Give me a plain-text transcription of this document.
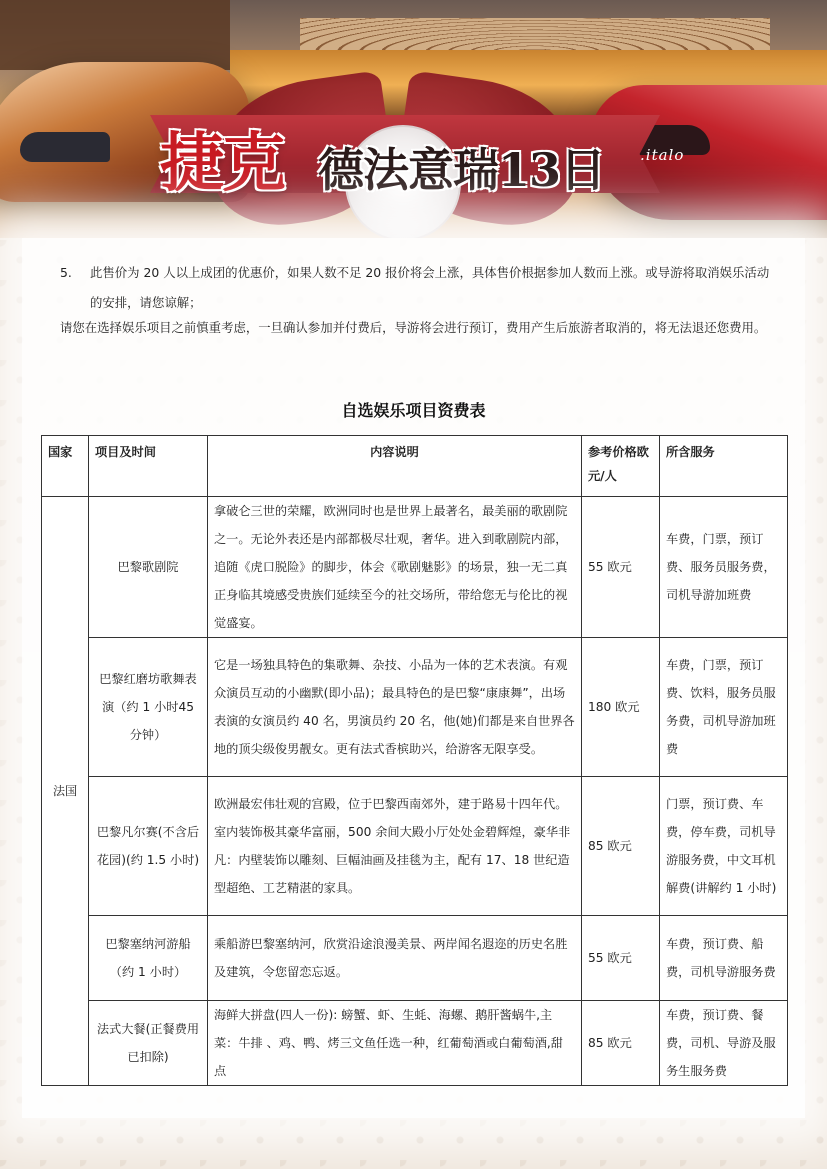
.italo
捷克 德法意瑞13日
5.	此售价为 20 人以上成团的优惠价，如果人数不足 20 报价将会上涨，具体售价根据参加人数而上涨。或导游将取消娱乐活动的安排，请您谅解；
请您在选择娱乐项目之前慎重考虑，一旦确认参加并付费后，导游将会进行预订，费用产生后旅游者取消的，将无法退还您费用。
自选娱乐项目资费表
国家	项目及时间	内容说明	参考价格欧元/人	所含服务
法国	巴黎歌剧院	拿破仑三世的荣耀，欧洲同时也是世界上最著名，最美丽的歌剧院之一。无论外表还是内部都极尽壮观，奢华。进入到歌剧院内部，追随《虎口脱险》的脚步，体会《歌剧魅影》的场景，独一无二真正身临其境感受贵族们延续至今的社交场所，带给您无与伦比的视觉盛宴。	55 欧元	车费，门票，预订费、服务员服务费，司机导游加班费
	巴黎红磨坊歌舞表演（约 1 小时45 分钟）	它是一场独具特色的集歌舞、杂技、小品为一体的艺术表演。有观众演员互动的小幽默(即小品)；最具特色的是巴黎“康康舞”，出场表演的女演员约 40 名，男演员约 20 名，他(她)们都是来自世界各地的顶尖级俊男靓女。更有法式香槟助兴，给游客无限享受。	180 欧元	车费，门票，预订费、饮料，服务员服务费，司机导游加班费
	巴黎凡尔赛(不含后花园)(约 1.5 小时)	欧洲最宏伟壮观的宫殿，位于巴黎西南郊外，建于路易十四年代。室内装饰极其豪华富丽，500 余间大殿小厅处处金碧辉煌，豪华非凡：内壁装饰以雕刻、巨幅油画及挂毯为主，配有 17、18 世纪造型超绝、工艺精湛的家具。	85 欧元	门票，预订费、车费，停车费，司机导游服务费，中文耳机解费(讲解约 1 小时)
	巴黎塞纳河游船（约 1 小时）	乘船游巴黎塞纳河，欣赏沿途浪漫美景、两岸闻名遐迩的历史名胜及建筑，令您留恋忘返。	55 欧元	车费，预订费、船费，司机导游服务费
	法式大餐(正餐费用已扣除)	海鲜大拼盘(四人一份): 螃蟹、虾、生蚝、海螺、鹅肝酱蜗牛,主菜：牛排 、鸡、鸭、烤三文鱼任选一种，红葡萄酒或白葡萄酒,甜点	85 欧元	车费，预订费、餐费，司机、导游及服务生服务费
